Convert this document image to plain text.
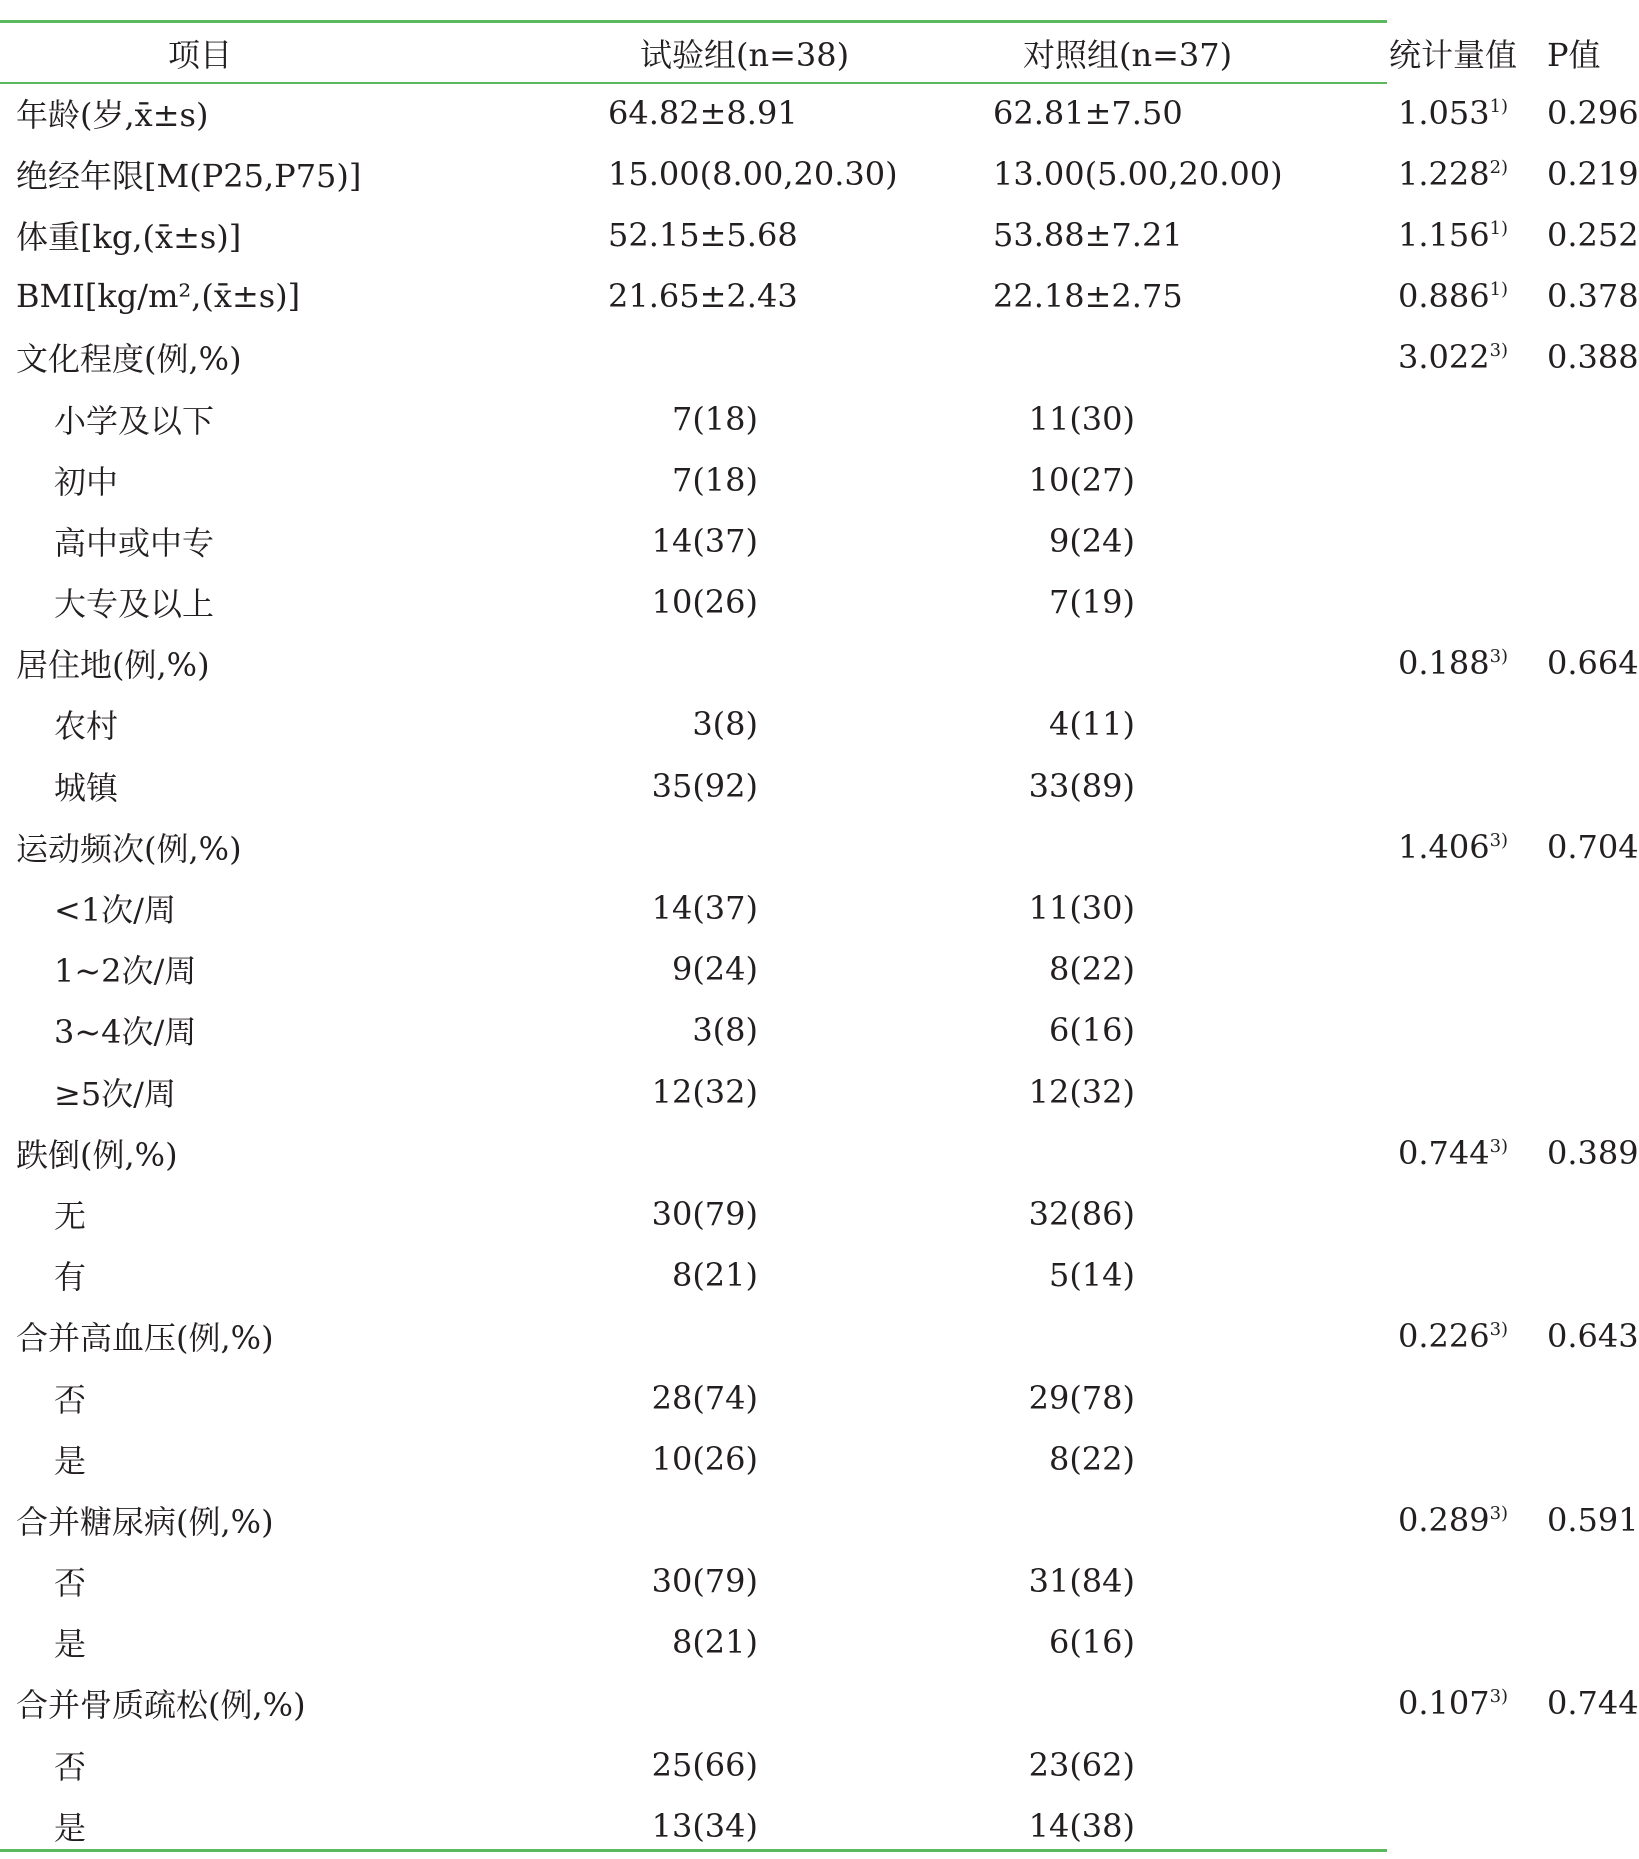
项目	试验组(n=38)	对照组(n=37)	统计量值	P值
年龄(岁,x̄±s)	64.82±8.91	62.81±7.50	1.053$^{1)}$	0.296
绝经年限[M(P25,P75)]	15.00(8.00,20.30)	13.00(5.00,20.00)	1.228$^{2)}$	0.219
体重[kg,(x̄±s)]	52.15±5.68	53.88±7.21	1.156$^{1)}$	0.252
BMI[kg/m²,(x̄±s)]	21.65±2.43	22.18±2.75	0.886$^{1)}$	0.378
文化程度(例,%)			3.022$^{3)}$	0.388
小学及以下	7(18)	11(30)		
初中	7(18)	10(27)		
高中或中专	14(37)	9(24)		
大专及以上	10(26)	7(19)		
居住地(例,%)			0.188$^{3)}$	0.664
农村	3(8)	4(11)		
城镇	35(92)	33(89)		
运动频次(例,%)			1.406$^{3)}$	0.704
<1次/周	14(37)	11(30)		
1~2次/周	9(24)	8(22)		
3~4次/周	3(8)	6(16)		
≥5次/周	12(32)	12(32)		
跌倒(例,%)			0.744$^{3)}$	0.389
无	30(79)	32(86)		
有	8(21)	5(14)		
合并高血压(例,%)			0.226$^{3)}$	0.643
否	28(74)	29(78)		
是	10(26)	8(22)		
合并糖尿病(例,%)			0.289$^{3)}$	0.591
否	30(79)	31(84)		
是	8(21)	6(16)		
合并骨质疏松(例,%)			0.107$^{3)}$	0.744
否	25(66)	23(62)		
是	13(34)	14(38)		
